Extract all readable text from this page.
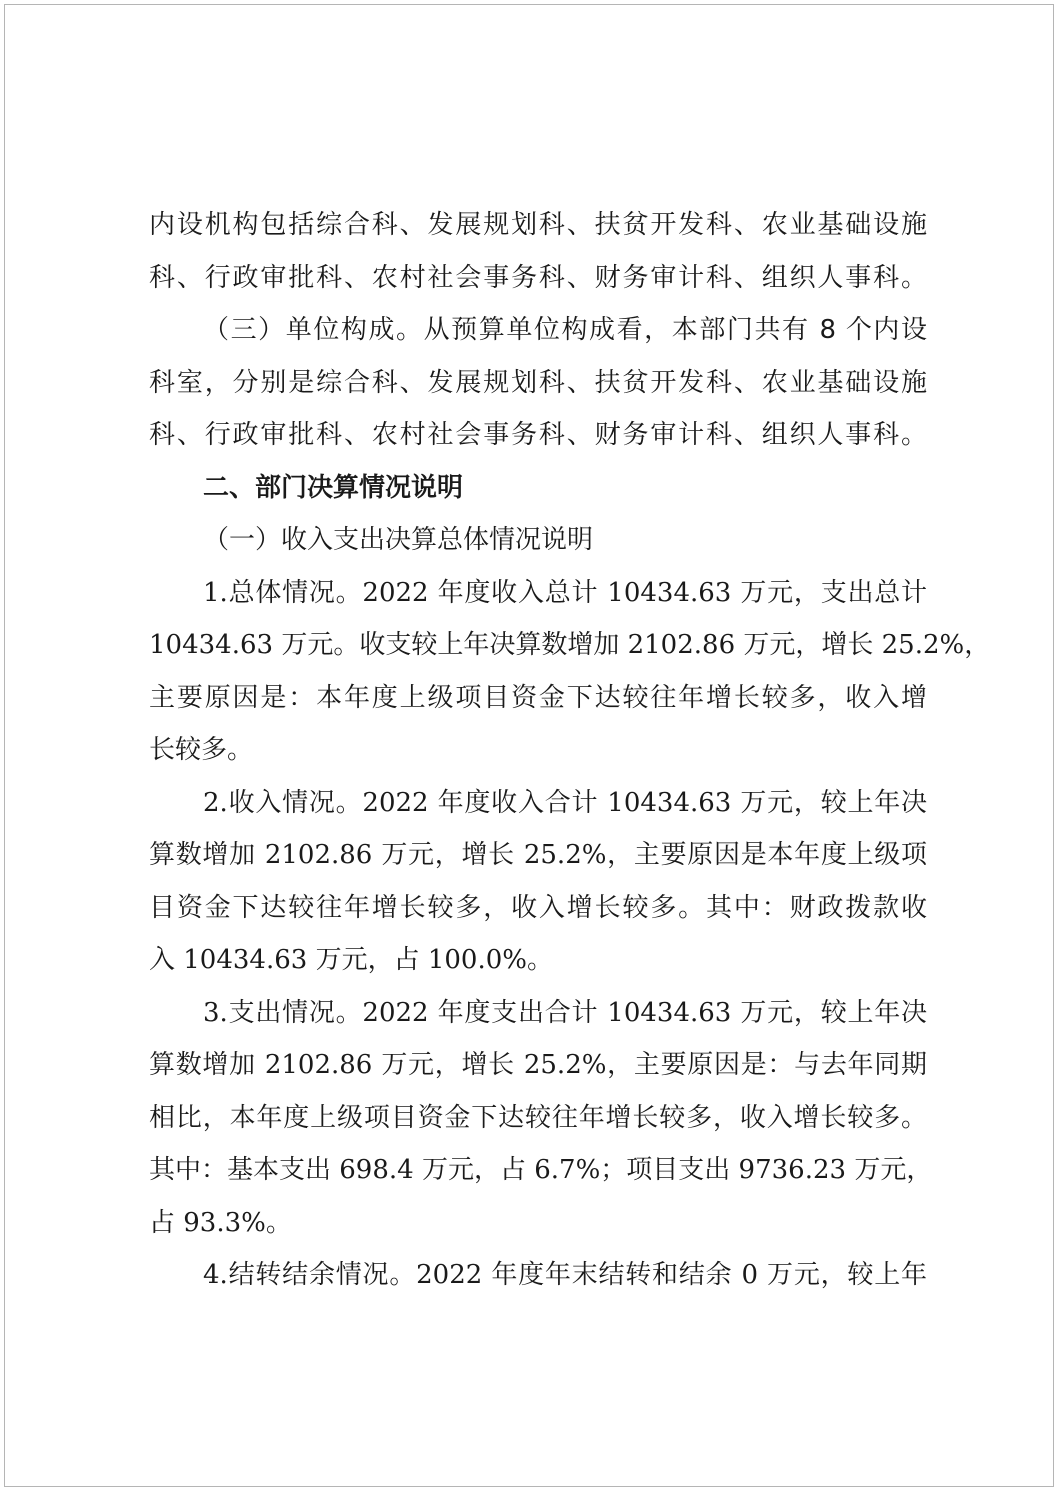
内设机构包括综合科、发展规划科、扶贫开发科、农业基础设施
科、行政审批科、农村社会事务科、财务审计科、组织人事科。
（三）单位构成。从预算单位构成看，本部门共有 8 个内设
科室，分别是综合科、发展规划科、扶贫开发科、农业基础设施
科、行政审批科、农村社会事务科、财务审计科、组织人事科。
二、部门决算情况说明
（一）收入支出决算总体情况说明
1.总体情况。2022 年度收入总计 10434.63 万元，支出总计
10434.63 万元。收支较上年决算数增加 2102.86 万元，增长 25.2%，
主要原因是：本年度上级项目资金下达较往年增长较多，收入增
长较多。
2.收入情况。2022 年度收入合计 10434.63 万元，较上年决
算数增加 2102.86 万元，增长 25.2%，主要原因是本年度上级项
目资金下达较往年增长较多，收入增长较多。其中：财政拨款收
入 10434.63 万元，占 100.0%。
3.支出情况。2022 年度支出合计 10434.63 万元，较上年决
算数增加 2102.86 万元，增长 25.2%，主要原因是：与去年同期
相比，本年度上级项目资金下达较往年增长较多，收入增长较多。
其中：基本支出 698.4 万元，占 6.7%；项目支出 9736.23 万元，
占 93.3%。
4.结转结余情况。2022 年度年末结转和结余 0 万元，较上年
